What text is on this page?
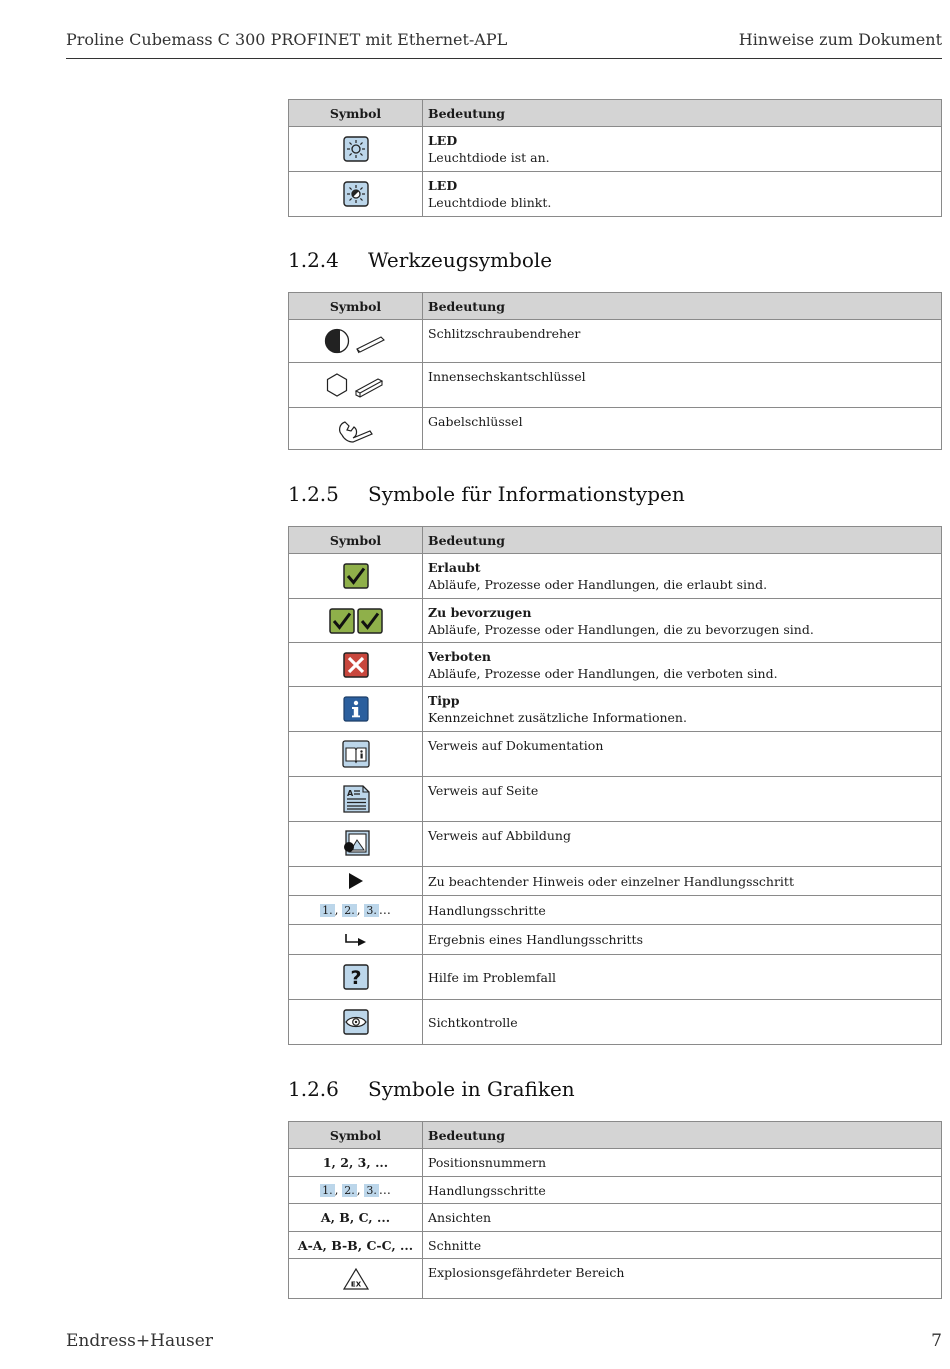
Proline Cubemass C 300 PROFINET mit Ethernet-APL	Hinweise zum Dokument
Symbol	Bedeutung
	LED
Leuchtdiode ist an.
	LED
Leuchtdiode blinkt.
1.2.4 Werkzeugsymbole
Symbol	Bedeutung
	Schlitzschraubendreher
	Innensechskantschlüssel
	Gabelschlüssel
1.2.5 Symbole für Informationstypen
Symbol	Bedeutung
	Erlaubt
Abläufe, Prozesse oder Handlungen, die erlaubt sind.
	Zu bevorzugen
Abläufe, Prozesse oder Handlungen, die zu bevorzugen sind.
	Verboten
Abläufe, Prozesse oder Handlungen, die verboten sind.
	Tipp
Kennzeichnet zusätzliche Informationen.
	Verweis auf Dokumentation

A	Verweis auf Seite
	Verweis auf Abbildung
	Zu beachtender Hinweis oder einzelner Handlungsschritt
1. , 2. , 3. …	Handlungsschritte
	Ergebnis eines Handlungsschritts

?	Hilfe im Problemfall
	Sichtkontrolle
1.2.6 Symbole in Grafiken
Symbol	Bedeutung
1, 2, 3, ...	Positionsnummern
1. , 2. , 3. …	Handlungsschritte
A, B, C, ...	Ansichten
A-A, B-B, C-C, ...	Schnitte

EX	Explosionsgefährdeter Bereich
Endress+Hauser	7
